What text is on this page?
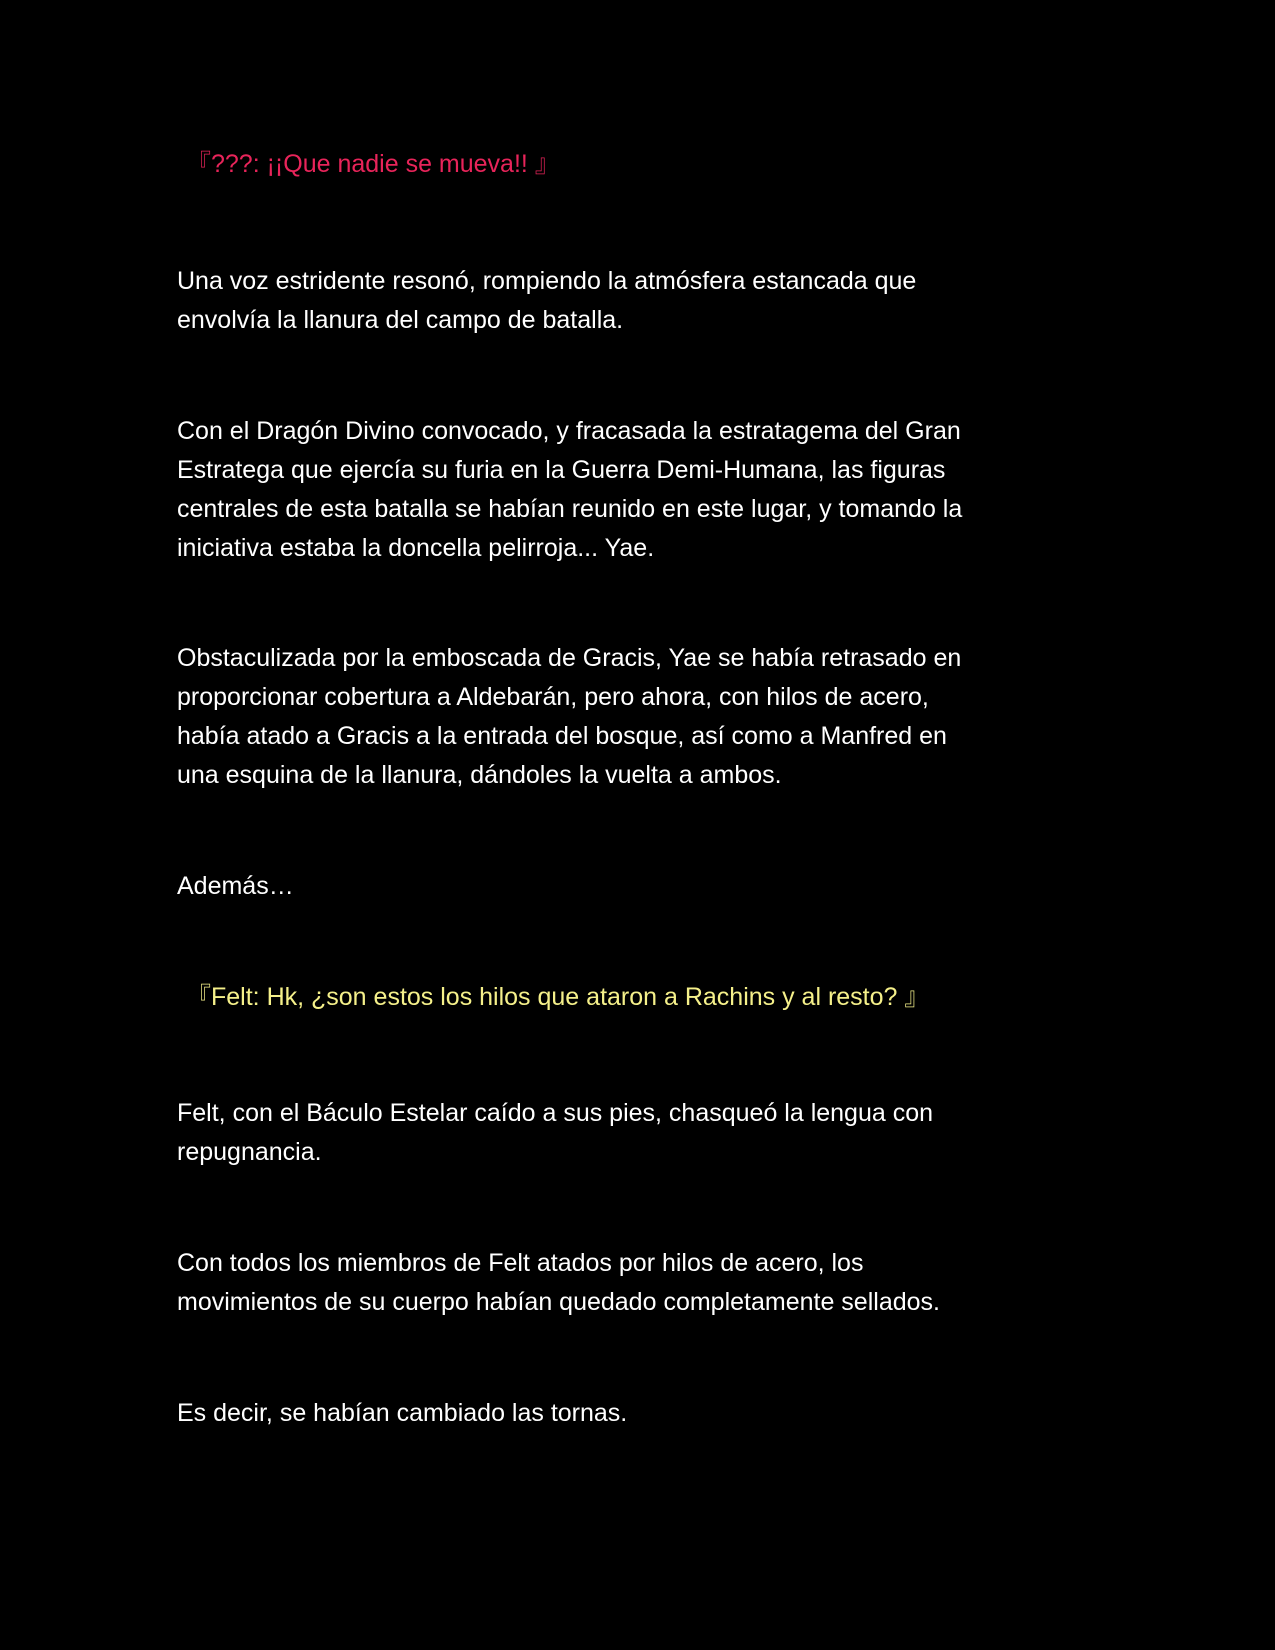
『???: ¡¡Que nadie se mueva!! 』

Una voz estridente resonó, rompiendo la atmósfera estancada que
envolvía la llanura del campo de batalla.

Con el Dragón Divino convocado, y fracasada la estratagema del Gran
Estratega que ejercía su furia en la Guerra Demi-Humana, las figuras
centrales de esta batalla se habían reunido en este lugar, y tomando la
iniciativa estaba la doncella pelirroja... Yae.

Obstaculizada por la emboscada de Gracis, Yae se había retrasado en
proporcionar cobertura a Aldebarán, pero ahora, con hilos de acero,
había atado a Gracis a la entrada del bosque, así como a Manfred en
una esquina de la llanura, dándoles la vuelta a ambos.

Además…

『Felt: Hk, ¿son estos los hilos que ataron a Rachins y al resto? 』

Felt, con el Báculo Estelar caído a sus pies, chasqueó la lengua con
repugnancia.

Con todos los miembros de Felt atados por hilos de acero, los
movimientos de su cuerpo habían quedado completamente sellados.

Es decir, se habían cambiado las tornas.
